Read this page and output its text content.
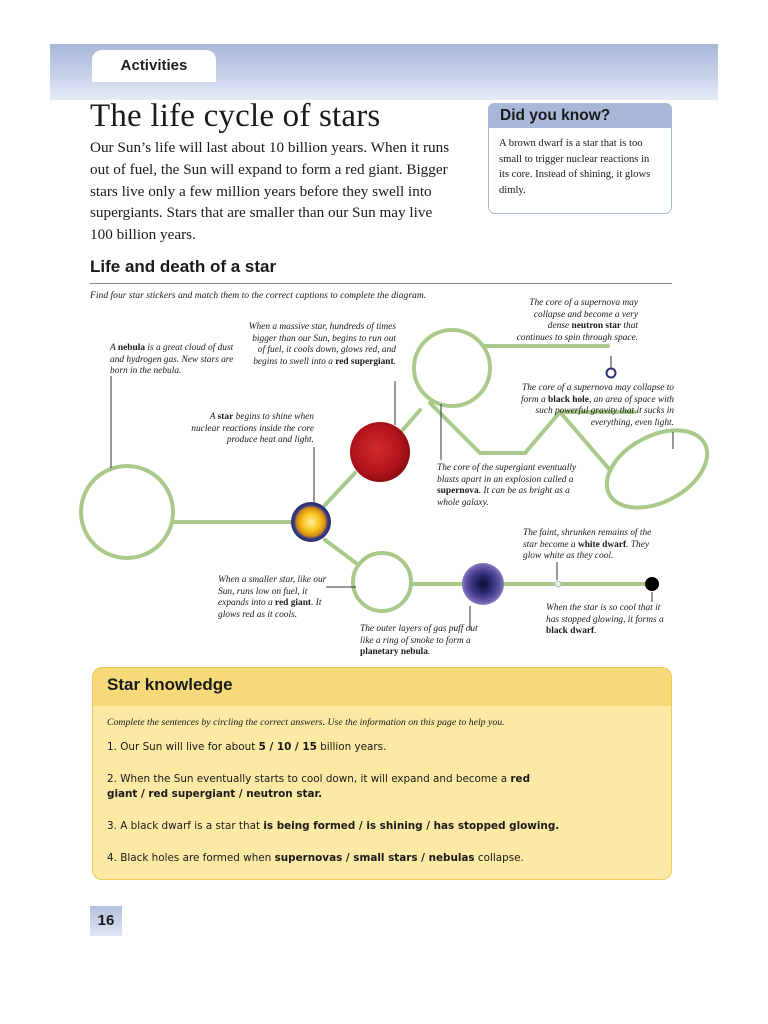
Activities
The life cycle of stars

Our Sun’s life will last about 10 billion years. When it runs out of fuel, the Sun will expand to form a red giant. Bigger stars live only a few million years before they swell into supergiants. Stars that are smaller than our Sun may live 100 billion years.

Did you know?
A brown dwarf is a star that is too small to trigger nuclear reactions in its core. Instead of shining, it glows dimly.
Life and death of a star

Find four star stickers and match them to the correct captions to complete the diagram.

A nebula is a great cloud of dust and hydrogen gas. New stars are born in the nebula.

A star begins to shine when nuclear reactions inside the core produce heat and light.

When a massive star, hundreds of times bigger than our Sun, begins to run out of fuel, it cools down, glows red, and begins to swell into a red supergiant.

The core of the supergiant eventually blasts apart in an explosion called a supernova. It can be as bright as a whole galaxy.

The core of a supernova may collapse and become a very dense neutron star that continues to spin through space.

The core of a supernova may collapse to form a black hole, an area of space with such powerful gravity that it sucks in everything, even light.

When a smaller star, like our Sun, runs low on fuel, it expands into a red giant. It glows red as it cools.

The outer layers of gas puff out like a ring of smoke to form a planetary nebula.

The faint, shrunken remains of the star become a white dwarf. They glow white as they cool.

When the star is so cool that it has stopped glowing, it forms a black dwarf.

Star knowledge

Complete the sentences by circling the correct answers. Use the information on this page to help you.

1. Our Sun will live for about 5 / 10 / 15 billion years.

2. When the Sun eventually starts to cool down, it will expand and become a red giant / red supergiant / neutron star.

3. A black dwarf is a star that is being formed / is shining / has stopped glowing.

4. Black holes are formed when supernovas / small stars / nebulas collapse.

16
